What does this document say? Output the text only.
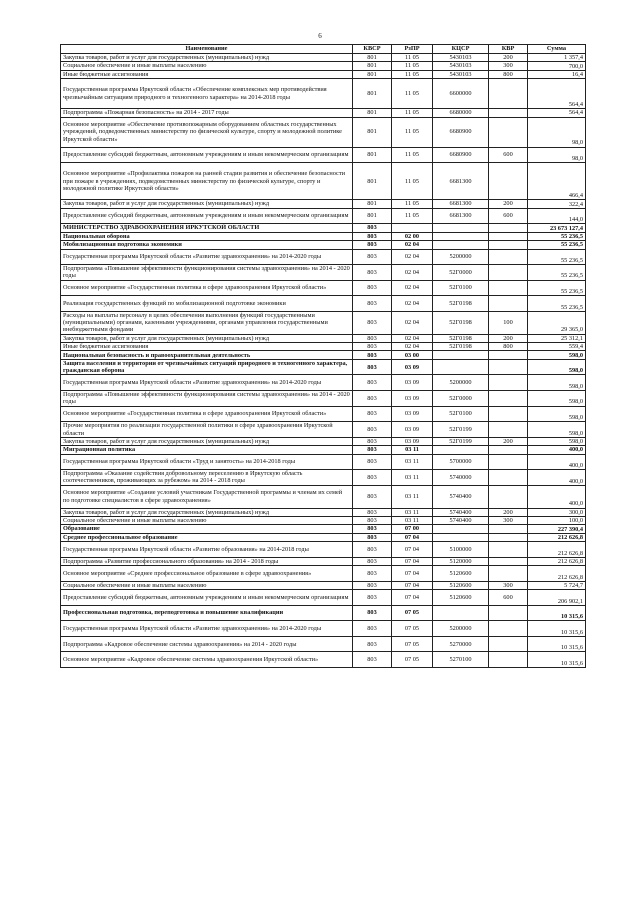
6
Наименование	КВСР	РзПР	КЦСР	КВР	Сумма
Закупка товаров, работ и услуг для государственных (муниципальных) нужд	801	11 05	5430103	200	1 357,4
Социальное обеспечение и иные выплаты населению	801	11 05	5430103	300	700,0
Иные бюджетные ассигнования	801	11 05	5430103	800	16,4
Государственная программа Иркутской области «Обеспечение комплексных мер противодействия чрезвычайным ситуациям природного и техногенного характера» на 2014-2018 годы	801	11 05	6600000		564,4
Подпрограмма «Пожарная безопасность» на 2014 - 2017 годы	801	11 05	6680000		564,4
Основное мероприятие «Обеспечение противопожарным оборудованием областных государственных учреждений, подведомственных министерству по физической культуре, спорту и молодежной политике Иркутской области»	801	11 05	6680900		98,0
Предоставление субсидий бюджетным, автономным учреждениям и иным некоммерческим организациям	801	11 05	6680900	600	98,0
Основное мероприятие «Профилактика пожаров на ранней стадии развития и обеспечение безопасности при пожаре в учреждениях, подведомственных министерству по физической культуре, спорту и молодежной политике Иркутской области»	801	11 05	6681300		466,4
Закупка товаров, работ и услуг для государственных (муниципальных) нужд	801	11 05	6681300	200	322,4
Предоставление субсидий бюджетным, автономным учреждениям и иным некоммерческим организациям	801	11 05	6681300	600	144,0
МИНИСТЕРСТВО ЗДРАВООХРАНЕНИЯ ИРКУТСКОЙ ОБЛАСТИ	803				23 673 127,4
Национальная оборона	803	02 00			55 236,5
Мобилизационная подготовка экономики	803	02 04			55 236,5
Государственная программа Иркутской области «Развитие здравоохранения» на 2014-2020 годы	803	02 04	5200000		55 236,5
Подпрограмма «Повышение эффективности функционирования системы здравоохранения» на 2014 - 2020 годы	803	02 04	52Г0000		55 236,5
Основное мероприятие «Государственная политика в сфере здравоохранения Иркутской области»	803	02 04	52Г0100		55 236,5
Реализация государственных функций по мобилизационной подготовке экономики	803	02 04	52Г0198		55 236,5
Расходы на выплаты персоналу в целях обеспечения выполнения функций государственными (муниципальными) органами, казенными учреждениями, органами управления государственными внебюджетными фондами	803	02 04	52Г0198	100	29 365,0
Закупка товаров, работ и услуг для государственных (муниципальных) нужд	803	02 04	52Г0198	200	25 312,1
Иные бюджетные ассигнования	803	02 04	52Г0198	800	559,4
Национальная безопасность и правоохранительная деятельность	803	03 00			598,0
Защита населения и территории от чрезвычайных ситуаций природного и техногенного характера, гражданская оборона	803	03 09			598,0
Государственная программа Иркутской области «Развитие здравоохранения» на 2014-2020 годы	803	03 09	5200000		598,0
Подпрограмма «Повышение эффективности функционирования системы здравоохранения» на 2014 - 2020 годы	803	03 09	52Г0000		598,0
Основное мероприятие «Государственная политика в сфере здравоохранения Иркутской области»	803	03 09	52Г0100		598,0
Прочие мероприятия по реализации государственной политики в сфере здравоохранения Иркутской области	803	03 09	52Г0199		598,0
Закупка товаров, работ и услуг для государственных (муниципальных) нужд	803	03 09	52Г0199	200	598,0
Миграционная политика	803	03 11			400,0
Государственная программа Иркутской области «Труд и занятость» на 2014-2018 годы	803	03 11	5700000		400,0
Подпрограмма «Оказание содействия добровольному переселению в Иркутскую область соотечественников, проживающих за рубежом» на 2014 - 2018 годы	803	03 11	5740000		400,0
Основное мероприятие «Создание условий участникам Государственной программы и членам их семей по подготовке специалистов в сфере здравоохранения»	803	03 11	5740400		400,0
Закупка товаров, работ и услуг для государственных (муниципальных) нужд	803	03 11	5740400	200	300,0
Социальное обеспечение и иные выплаты населению	803	03 11	5740400	300	100,0
Образование	803	07 00			227 390,4
Среднее профессиональное образование	803	07 04			212 626,8
Государственная программа Иркутской области «Развитие образования» на 2014-2018 годы	803	07 04	5100000		212 626,8
Подпрограмма «Развитие профессионального образования» на 2014 - 2018 годы	803	07 04	5120000		212 626,8
Основное мероприятие «Среднее профессиональное образование в сфере здравоохранения»	803	07 04	5120600		212 626,8
Социальное обеспечение и иные выплаты населению	803	07 04	5120600	300	5 724,7
Предоставление субсидий бюджетным, автономным учреждениям и иным некоммерческим организациям	803	07 04	5120600	600	206 902,1
Профессиональная подготовка, переподготовка и повышение квалификации	803	07 05			10 315,6
Государственная программа Иркутской области «Развитие здравоохранения» на 2014-2020 годы	803	07 05	5200000		10 315,6
Подпрограмма «Кадровое обеспечение системы здравоохранения» на 2014 - 2020 годы	803	07 05	5270000		10 315,6
Основное мероприятие «Кадровое обеспечение системы здравоохранения Иркутской области»	803	07 05	5270100		10 315,6
